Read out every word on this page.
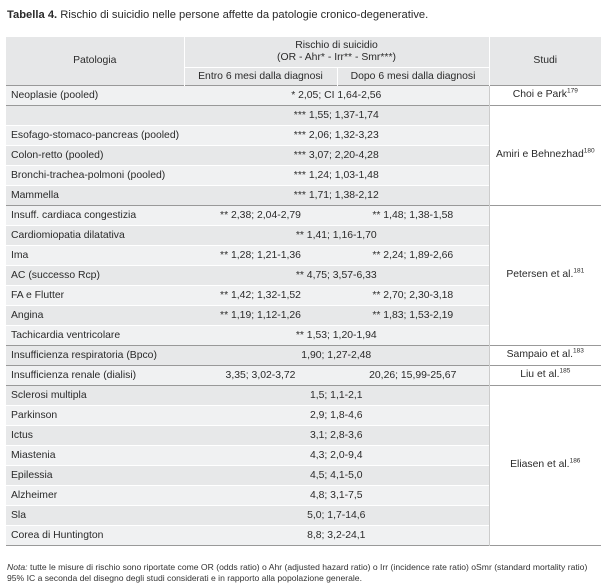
Tabella 4. Rischio di suicidio nelle persone affette da patologie cronico-degenerative.
Patologia	Rischio di suicidio
(OR - Ahr* - Irr** - Smr***)		Studi
	Entro 6 mesi dalla diagnosi	Dopo 6 mesi dalla diagnosi	
Neoplasie (pooled)	* 2,05; CI 1,64-2,56		Choi e Park$^{179}$
	*** 1,55; 1,37-1,74		Amiri e Behnezhad$^{180}$
Esofago-stomaco-pancreas (pooled)	*** 2,06; 1,32-3,23		
Colon-retto (pooled)	*** 3,07; 2,20-4,28		
Bronchi-trachea-polmoni (pooled)	*** 1,24; 1,03-1,48		
Mammella	*** 1,71; 1,38-2,12		
Insuff. cardiaca congestizia	** 2,38; 2,04-2,79	** 1,48; 1,38-1,58	Petersen et al.$^{181}$
Cardiomiopatia dilatativa	** 1,41; 1,16-1,70		
Ima	** 1,28; 1,21-1,36	** 2,24; 1,89-2,66	
AC (successo Rcp)	** 4,75; 3,57-6,33		
FA e Flutter	** 1,42; 1,32-1,52	** 2,70; 2,30-3,18	
Angina	** 1,19; 1,12-1,26	** 1,83; 1,53-2,19	
Tachicardia ventricolare	** 1,53; 1,20-1,94		
Insufficienza respiratoria (Bpco)	1,90; 1,27-2,48		Sampaio et al.$^{183}$
Insufficienza renale (dialisi)	3,35; 3,02-3,72	20,26; 15,99-25,67	Liu et al.$^{185}$
Sclerosi multipla	1,5; 1,1-2,1		Eliasen et al.$^{186}$
Parkinson	2,9; 1,8-4,6		
Ictus	3,1; 2,8-3,6		
Miastenia	4,3; 2,0-9,4		
Epilessia	4,5; 4,1-5,0		
Alzheimer	4,8; 3,1-7,5		
Sla	5,0; 1,7-14,6		
Corea di Huntington	8,8; 3,2-24,1		
Nota: tutte le misure di rischio sono riportate come OR (odds ratio) o Ahr (adjusted hazard ratio) o Irr (incidence rate ratio) oSmr (standard mortality ratio) 95% IC a seconda del disegno degli studi considerati e in rapporto alla popolazione generale.
